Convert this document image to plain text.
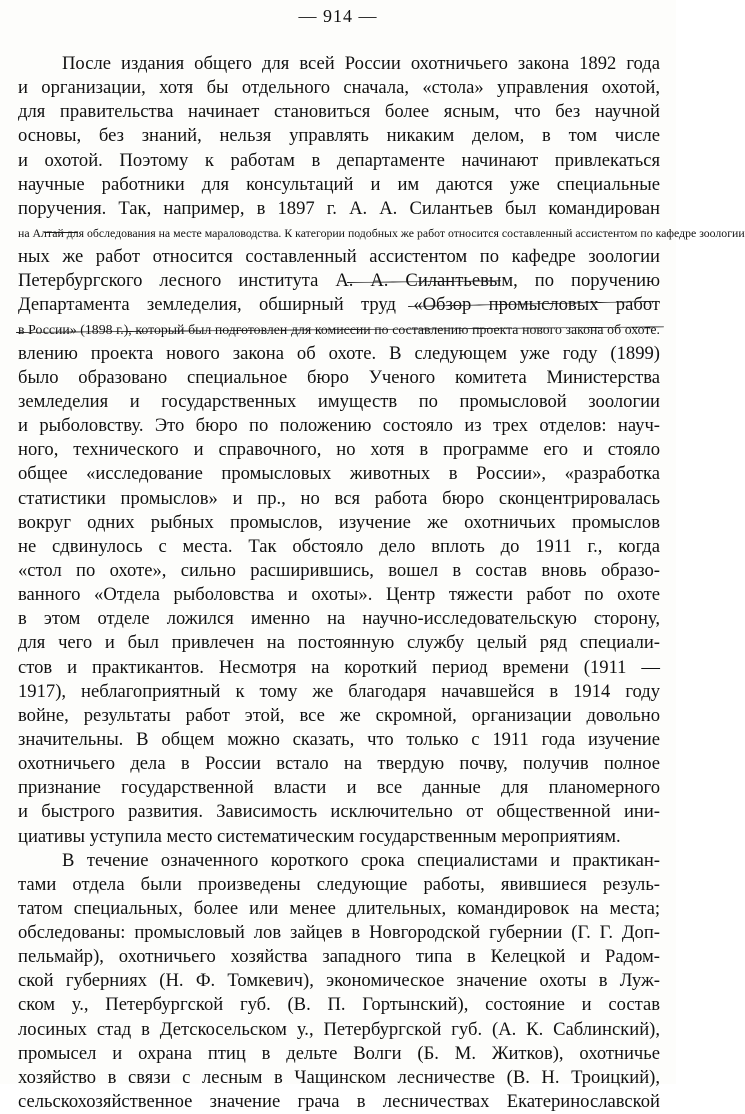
— 914 —
После издания общего для всей России охотничьего закона 1892 года
и организации, хотя бы отдельного сначала, «стола» управления охотой,
для правительства начинает становиться более ясным, что без научной
основы, без знаний, нельзя управлять никаким делом, в том числе
и охотой. Поэтому к работам в департаменте начинают привлекаться
научные работники для консультаций и им даются уже специальные
поручения. Так, например, в 1897 г. А. А. Силантьев был командирован
на Алтай для обследования на месте мараловодства. К категории подобных же работ относится составленный ассистентом по кафедре зоологии
ных же работ относится составленный ассистентом по кафедре зоологии
Петербургского лесного института А. А. Силантьевым, по поручению
Департамента земледелия, обширный труд «Обзор промысловых работ
в России» (1898 г.), который был подготовлен для комиссии по составлению проекта нового закона об охоте.
влению проекта нового закона об охоте. В следующем уже году (1899)
было образовано специальное бюро Ученого комитета Министерства
земледелия и государственных имуществ по промысловой зоологии
и рыболовству. Это бюро по положению состояло из трех отделов: науч-
ного, технического и справочного, но хотя в программе его и стояло
общее «исследование промысловых животных в России», «разработка
статистики промыслов» и пр., но вся работа бюро сконцентрировалась
вокруг одних рыбных промыслов, изучение же охотничьих промыслов
не сдвинулось с места. Так обстояло дело вплоть до 1911 г., когда
«стол по охоте», сильно расширившись, вошел в состав вновь образо-
ванного «Отдела рыболовства и охоты». Центр тяжести работ по охоте
в этом отделе ложился именно на научно-исследовательскую сторону,
для чего и был привлечен на постоянную службу целый ряд специали-
стов и практикантов. Несмотря на короткий период времени (1911 —
1917), неблагоприятный к тому же благодаря начавшейся в 1914 году
войне, результаты работ этой, все же скромной, организации довольно
значительны. В общем можно сказать, что только с 1911 года изучение
охотничьего дела в России встало на твердую почву, получив полное
признание государственной власти и все данные для планомерного
и быстрого развития. Зависимость исключительно от общественной ини-
циативы уступила место систематическим государственным мероприятиям.
В течение означенного короткого срока специалистами и практикан-
тами отдела были произведены следующие работы, явившиеся резуль-
татом специальных, более или менее длительных, командировок на места;
обследованы: промысловый лов зайцев в Новгородской губернии (Г. Г. Доп-
пельмайр), охотничьего хозяйства западного типа в Келецкой и Радом-
ской губерниях (Н. Ф. Томкевич), экономическое значение охоты в Луж-
ском у., Петербургской губ. (В. П. Гортынский), состояние и состав
лосиных стад в Детскосельском у., Петербургской губ. (А. К. Саблинский),
промысел и охрана птиц в дельте Волги (Б. М. Житков), охотничье
хозяйство в связи с лесным в Чащинском лесничестве (В. Н. Троицкий),
сельскохозяйственное значение грача в лесничествах Екатеринославской
